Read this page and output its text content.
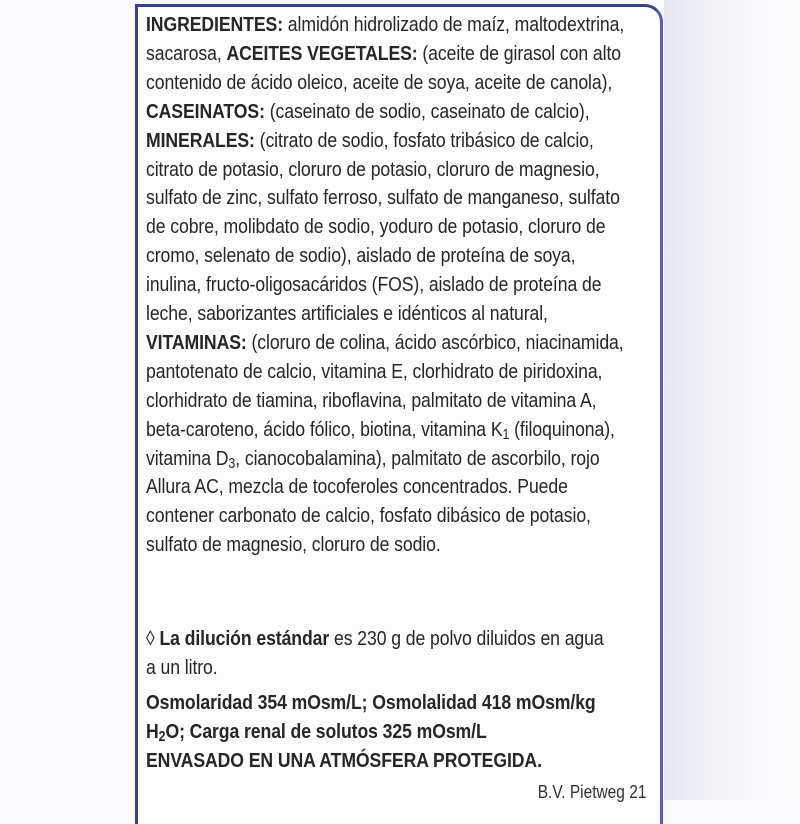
B.V. Pietweg 21
INGREDIENTES: almidón hidrolizado de maíz, maltodextrina,
sacarosa, ACEITES VEGETALES: (aceite de girasol con alto
contenido de ácido oleico, aceite de soya, aceite de canola),
CASEINATOS: (caseinato de sodio, caseinato de calcio),
MINERALES: (citrato de sodio, fosfato tribásico de calcio,
citrato de potasio, cloruro de potasio, cloruro de magnesio,
sulfato de zinc, sulfato ferroso, sulfato de manganeso, sulfato
de cobre, molibdato de sodio, yoduro de potasio, cloruro de
cromo, selenato de sodio), aislado de proteína de soya,
inulina, fructo-oligosacáridos (FOS), aislado de proteína de
leche, saborizantes artificiales e idénticos al natural,
VITAMINAS: (cloruro de colina, ácido ascórbico, niacinamida,
pantotenato de calcio, vitamina E, clorhidrato de piridoxina,
clorhidrato de tiamina, riboflavina, palmitato de vitamina A,
beta-caroteno, ácido fólico, biotina, vitamina $K_1$ (filoquinona),
vitamina $D_3$, cianocobalamina), palmitato de ascorbilo, rojo
Allura AC, mezcla de tocoferoles concentrados. Puede
contener carbonato de calcio, fosfato dibásico de potasio,
sulfato de magnesio, cloruro de sodio.
◊ La dilución estándar es 230 g de polvo diluidos en agua
a un litro.
Osmolaridad 354 mOsm/L; Osmolalidad 418 mOsm/kg
$H_2O$; Carga renal de solutos 325 mOsm/L
ENVASADO EN UNA ATMÓSFERA PROTEGIDA.
